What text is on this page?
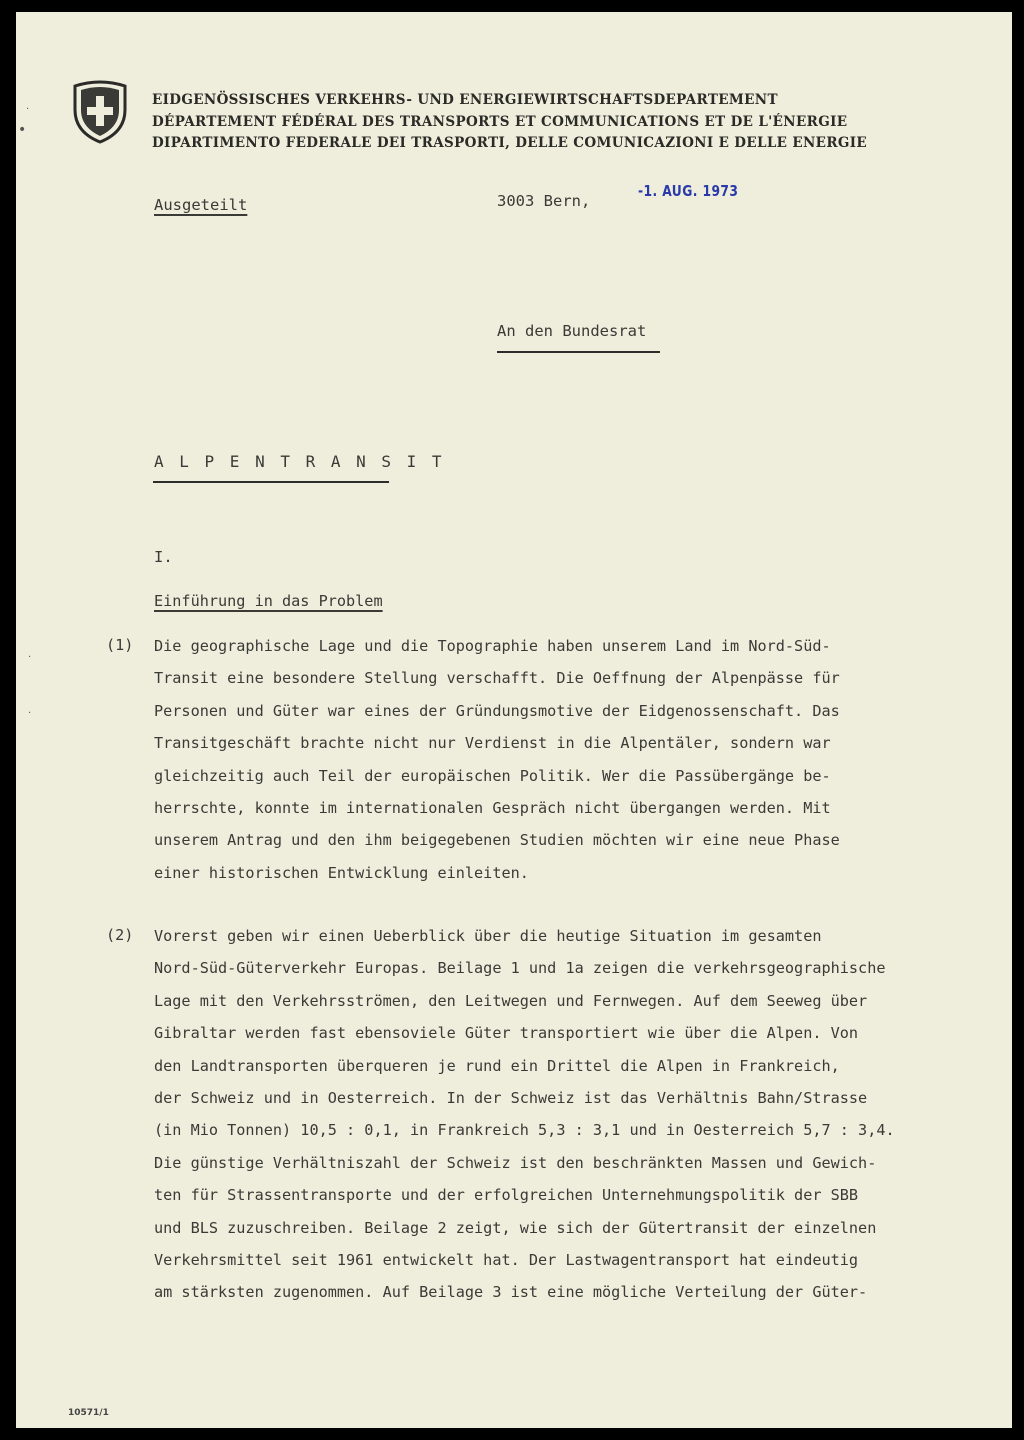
EIDGENÖSSISCHES VERKEHRS- UND ENERGIEWIRTSCHAFTSDEPARTEMENT
DÉPARTEMENT FÉDÉRAL DES TRANSPORTS ET COMMUNICATIONS ET DE L'ÉNERGIE
DIPARTIMENTO FEDERALE DEI TRASPORTI, DELLE COMUNICAZIONI E DELLE ENERGIE
Ausgeteilt	3003 Bern,
-1. AUG. 1973
An den Bundesrat
A L P E N T R A N S I T
I.
Einführung in das Problem
(1) Die geographische Lage und die Topographie haben unserem Land im Nord-Süd-

Transit eine besondere Stellung verschafft. Die Oeffnung der Alpenpässe für

Personen und Güter war eines der Gründungsmotive der Eidgenossenschaft. Das

Transitgeschäft brachte nicht nur Verdienst in die Alpentäler, sondern war

gleichzeitig auch Teil der europäischen Politik. Wer die Passübergänge be-

herrschte, konnte im internationalen Gespräch nicht übergangen werden. Mit

unserem Antrag und den ihm beigegebenen Studien möchten wir eine neue Phase

einer historischen Entwicklung einleiten.

(2) Vorerst geben wir einen Ueberblick über die heutige Situation im gesamten

Nord-Süd-Güterverkehr Europas. Beilage 1 und 1a zeigen die verkehrsgeographische

Lage mit den Verkehrsströmen, den Leitwegen und Fernwegen. Auf dem Seeweg über

Gibraltar werden fast ebensoviele Güter transportiert wie über die Alpen. Von

den Landtransporten überqueren je rund ein Drittel die Alpen in Frankreich,

der Schweiz und in Oesterreich. In der Schweiz ist das Verhältnis Bahn/Strasse

(in Mio Tonnen) 10,5 : 0,1, in Frankreich 5,3 : 3,1 und in Oesterreich 5,7 : 3,4.

Die günstige Verhältniszahl der Schweiz ist den beschränkten Massen und Gewich-

ten für Strassentransporte und der erfolgreichen Unternehmungspolitik der SBB

und BLS zuzuschreiben. Beilage 2 zeigt, wie sich der Gütertransit der einzelnen

Verkehrsmittel seit 1961 entwickelt hat. Der Lastwagentransport hat eindeutig

am stärksten zugenommen. Auf Beilage 3 ist eine mögliche Verteilung der Güter-

·
•
·
·
10571/1
